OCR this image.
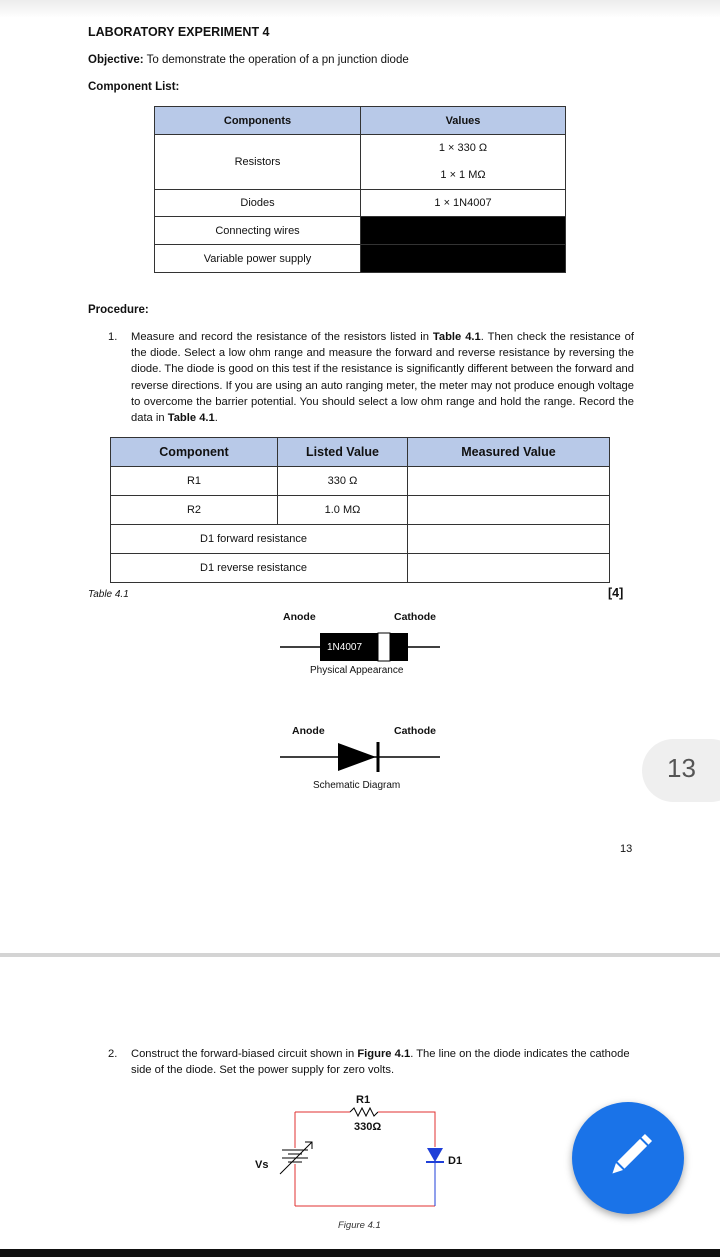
LABORATORY EXPERIMENT 4
Objective: To demonstrate the operation of a pn junction diode
Component List:
Components	Values
Resistors	1 × 330 Ω
	1 × 1 MΩ
Diodes	1 × 1N4007
Connecting wires	
Variable power supply	
Procedure:
1. Measure and record the resistance of the resistors listed in Table 4.1. Then check the resistance of the diode. Select a low ohm range and measure the forward and reverse resistance by reversing the diode. The diode is good on this test if the resistance is significantly different between the forward and reverse directions. If you are using an auto ranging meter, the meter may not produce enough voltage to overcome the barrier potential. You should select a low ohm range and hold the range. Record the data in Table 4.1.
Component	Listed Value	Measured Value
R1	330 Ω	
R2	1.0 MΩ	
D1 forward resistance		
D1 reverse resistance		
Table 4.1	[4]
Anode	Cathode
1N4007
Physical Appearance
Anode	Cathode
Schematic Diagram
13
13
2. Construct the forward-biased circuit shown in Figure 4.1. The line on the diode indicates the cathode side of the diode. Set the power supply for zero volts.
R1
330Ω
Vs	D1
Figure 4.1
